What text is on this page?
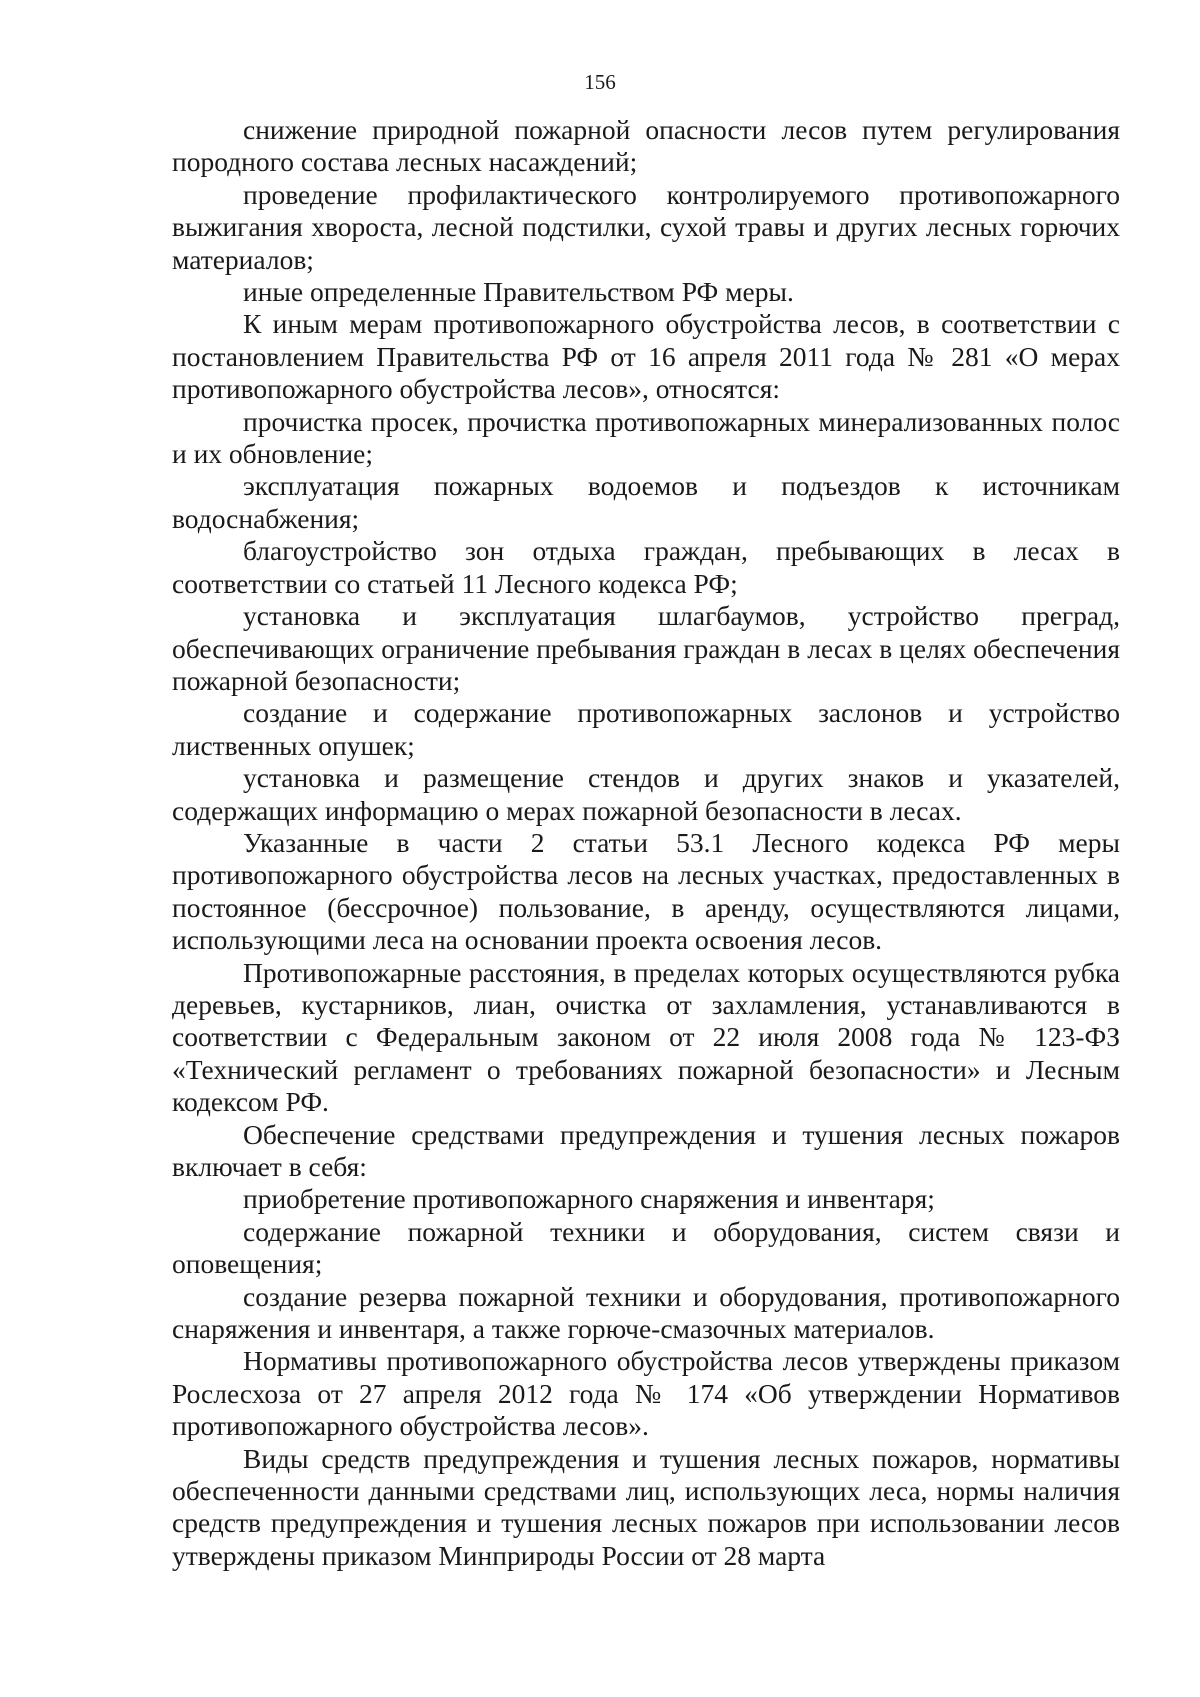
156

снижение природной пожарной опасности лесов путем регулирования породного состава лесных насаждений;

проведение профилактического контролируемого противопожарного выжигания хвороста, лесной подстилки, сухой травы и других лесных горючих материалов;

иные определенные Правительством РФ меры.

К иным мерам противопожарного обустройства лесов, в соответствии с постановлением Правительства РФ от 16 апреля 2011 года № 281 «О мерах противопожарного обустройства лесов», относятся:

прочистка просек, прочистка противопожарных минерализованных полос и их обновление;

эксплуатация пожарных водоемов и подъездов к источникам водоснабжения;

благоустройство зон отдыха граждан, пребывающих в лесах в соответствии со статьей 11 Лесного кодекса РФ;

установка и эксплуатация шлагбаумов, устройство преград, обеспечивающих ограничение пребывания граждан в лесах в целях обеспечения пожарной безопасности;

создание и содержание противопожарных заслонов и устройство лиственных опушек;

установка и размещение стендов и других знаков и указателей, содержащих информацию о мерах пожарной безопасности в лесах.

Указанные в части 2 статьи 53.1 Лесного кодекса РФ меры противопожарного обустройства лесов на лесных участках, предоставленных в постоянное (бессрочное) пользование, в аренду, осуществляются лицами, использующими леса на основании проекта освоения лесов.

Противопожарные расстояния, в пределах которых осуществляются рубка деревьев, кустарников, лиан, очистка от захламления, устанавливаются в соответствии с Федеральным законом от 22 июля 2008 года № 123-ФЗ «Технический регламент о требованиях пожарной безопасности» и Лесным кодексом РФ.

Обеспечение средствами предупреждения и тушения лесных пожаров включает в себя:

приобретение противопожарного снаряжения и инвентаря;

содержание пожарной техники и оборудования, систем связи и оповещения;

создание резерва пожарной техники и оборудования, противопожарного снаряжения и инвентаря, а также горюче-смазочных материалов.

Нормативы противопожарного обустройства лесов утверждены приказом Рослесхоза от 27 апреля 2012 года № 174 «Об утверждении Нормативов противопожарного обустройства лесов».

Виды средств предупреждения и тушения лесных пожаров, нормативы обеспеченности данными средствами лиц, использующих леса, нормы наличия средств предупреждения и тушения лесных пожаров при использовании лесов утверждены приказом Минприроды России от 28 марта
